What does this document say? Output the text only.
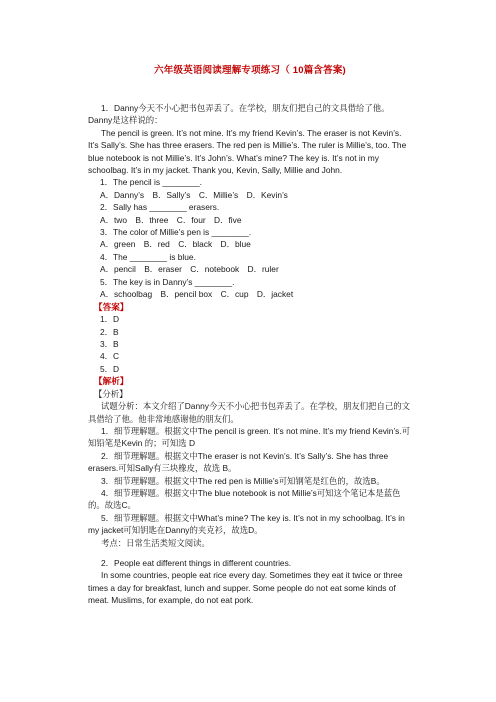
六年级英语阅读理解专项练习（ 10篇含答案)

1．Danny今天不小心把书包弄丢了。在学校，朋友们把自己的文具借给了他。Danny是这样说的：

The pencil is green. It’s not mine. It’s my friend Kevin’s. The eraser is not Kevin’s. It’s Sally’s. She has three erasers. The red pen is Millie’s. The ruler is Millie’s, too. The blue notebook is not Millie’s. It’s John’s. What’s mine? The key is. It’s not in my schoolbag. It’s in my jacket. Thank you, Kevin, Sally, Millie and John.

1．The pencil is ________.

A．Danny’s　B．Sally’s　C．Millie’s　D．Kevin’s

2．Sally has ________ erasers.

A．two　B．three　C．four　D．five

3．The color of Millie’s pen is ________.

A．green　B．red　C．black　D．blue

4．The ________ is blue.

A．pencil　B．eraser　C．notebook　D．ruler

5．The key is in Danny’s ________.

A．schoolbag　B．pencil box　C．cup　D．jacket

【答案】

1．D

2．B

3．B

4．C

5．D

【解析】

【分析】

试题分析：本文介绍了Danny今天不小心把书包弄丢了。在学校，朋友们把自己的文具借给了他。他非常地感谢他的朋友们。

1．细节理解题。根据文中The pencil is green. It’s not mine. It’s my friend Kevin’s.可知铅笔是Kevin 的；可知选 D

2．细节理解题。根据文中The eraser is not Kevin’s. It’s Sally’s. She has three erasers.可知Sally有三块橡皮，故选 B。

3．细节理解题。根据文中The red pen is Millie’s可知钢笔是红色的，故选B。

4．细节理解题。根据文中The blue notebook is not Millie’s可知这个笔记本是蓝色的。故选C。

5．细节理解题。根据文中What’s mine? The key is. It’s not in my schoolbag. It’s in my jacket可知钥匙在Danny的夹克衫，故选D。

考点：日常生活类短文阅读。

2．People eat different things in different countries.

In some countries, people eat rice every day. Sometimes they eat it twice or three times a day for breakfast, lunch and supper. Some people do not eat some kinds of meat. Muslims, for example, do not eat pork.
